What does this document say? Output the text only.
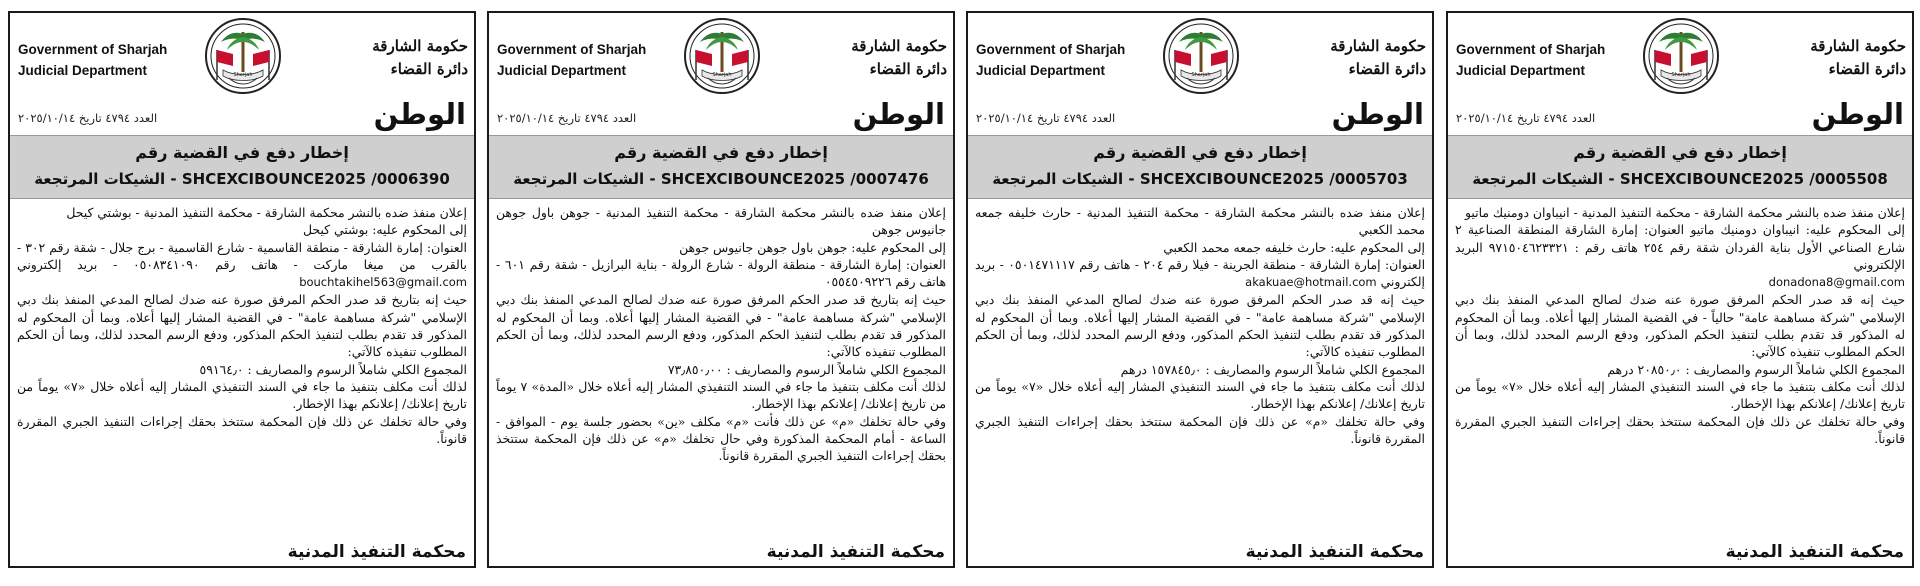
Government of Sharjah
Judicial Department	Sharjah
حكومة الشارقة
دائرة القضاء
الوطن
العدد ٤٧٩٤ تاريخ ٢٠٢٥/١٠/١٤
إخطار دفع في القضية رقم
SHCEXCIBOUNCE2025 /0006390 - الشيكات المرتجعة

إعلان منفذ ضده بالنشر محكمة الشارقة - محكمة التنفيذ المدنية - بوشتي كيحل

إلى المحكوم عليه: بوشتي كيحل

العنوان: إمارة الشارقة - منطقة القاسمية - شارع القاسمية - برج جلال - شقة رقم ٣٠٢ - بالقرب من ميغا ماركت - هاتف رقم ٠٥٠٨٣٤١٠٩٠ - بريد إلكتروني bouchtakihel563@gmail.com

حيث إنه بتاريخ قد صدر الحكم المرفق صورة عنه ضدك لصالح المدعي المنفذ بنك دبي الإسلامي "شركة مساهمة عامة" - في القضية المشار إليها أعلاه. وبما أن المحكوم له المذكور قد تقدم بطلب لتنفيذ الحكم المذكور، ودفع الرسم المحدد لذلك، وبما أن الحكم المطلوب تنفيذه كالآتي:

المجموع الكلي شاملاً الرسوم والمصاريف : ٥٩١٦٤٫٠

لذلك أنت مكلف بتنفيذ ما جاء في السند التنفيذي المشار إليه أعلاه خلال «٧» يوماً من تاريخ إعلانك/ إعلانكم بهذا الإخطار.

وفي حالة تخلفك عن ذلك فإن المحكمة ستتخذ بحقك إجراءات التنفيذ الجبري المقررة قانوناً.

محكمة التنفيذ المدنية
Government of Sharjah
Judicial Department	Sharjah
حكومة الشارقة
دائرة القضاء
الوطن
العدد ٤٧٩٤ تاريخ ٢٠٢٥/١٠/١٤
إخطار دفع في القضية رقم
SHCEXCIBOUNCE2025 /0007476 - الشيكات المرتجعة

إعلان منفذ ضده بالنشر محكمة الشارقة - محكمة التنفيذ المدنية - جوهن باول جوهن جانيوس جوهن

إلى المحكوم عليه: جوهن باول جوهن جانيوس جوهن

العنوان: إمارة الشارقة - منطقة الرولة - شارع الرولة - بناية البرازيل - شقة رقم ٦٠١ - هاتف رقم ٠٥٥٤٥٠٩٢٢٦

حيث إنه بتاريخ قد صدر الحكم المرفق صورة عنه ضدك لصالح المدعي المنفذ بنك دبي الإسلامي "شركة مساهمة عامة" - في القضية المشار إليها أعلاه. وبما أن المحكوم له المذكور قد تقدم بطلب لتنفيذ الحكم المذكور، ودفع الرسم المحدد لذلك، وبما أن الحكم المطلوب تنفيذه كالآتي:

المجموع الكلي شاملاً الرسوم والمصاريف : ٧٣٫٨٥٠٫٠٠

لذلك أنت مكلف بتنفيذ ما جاء في السند التنفيذي المشار إليه أعلاه خلال «المدة» ٧ يوماً من تاريخ إعلانك/ إعلانكم بهذا الإخطار.

وفي حالة تخلفك «م» عن ذلك فأنت «م» مكلف «ين» بحضور جلسة يوم - الموافق - الساعة - أمام المحكمة المذكورة وفي حال تخلفك «م» عن ذلك فإن المحكمة ستتخذ بحقك إجراءات التنفيذ الجبري المقررة قانوناً.

محكمة التنفيذ المدنية
Government of Sharjah
Judicial Department	Sharjah
حكومة الشارقة
دائرة القضاء
الوطن
العدد ٤٧٩٤ تاريخ ٢٠٢٥/١٠/١٤
إخطار دفع في القضية رقم
SHCEXCIBOUNCE2025 /0005703 - الشيكات المرتجعة

إعلان منفذ ضده بالنشر محكمة الشارقة - محكمة التنفيذ المدنية - حارث خليفه جمعه محمد الكعبي

إلى المحكوم عليه: حارث خليفه جمعه محمد الكعبي

العنوان: إمارة الشارقة - منطقة الجرينة - فيلا رقم ٢٠٤ - هاتف رقم ٠٥٠١٤٧١١١٧ - بريد إلكتروني akakuae@hotmail.com

حيث إنه قد صدر الحكم المرفق صورة عنه ضدك لصالح المدعي المنفذ بنك دبي الإسلامي "شركة مساهمة عامة" - في القضية المشار إليها أعلاه. وبما أن المحكوم له المذكور قد تقدم بطلب لتنفيذ الحكم المذكور، ودفع الرسم المحدد لذلك، وبما أن الحكم المطلوب تنفيذه كالآتي:

المجموع الكلي شاملاً الرسوم والمصاريف : ١٥٧٨٤٥٫٠ درهم

لذلك أنت مكلف بتنفيذ ما جاء في السند التنفيذي المشار إليه أعلاه خلال «٧» يوماً من تاريخ إعلانك/ إعلانكم بهذا الإخطار.

وفي حالة تخلفك «م» عن ذلك فإن المحكمة ستتخذ بحقك إجراءات التنفيذ الجبري المقررة قانوناً.

محكمة التنفيذ المدنية
Government of Sharjah
Judicial Department	Sharjah
حكومة الشارقة
دائرة القضاء
الوطن
العدد ٤٧٩٤ تاريخ ٢٠٢٥/١٠/١٤
إخطار دفع في القضية رقم
SHCEXCIBOUNCE2025 /0005508 - الشيكات المرتجعة

إعلان منفذ ضده بالنشر محكمة الشارقة - محكمة التنفيذ المدنية - انيباوان دومنيك ماتيو

إلى المحكوم عليه: انيباوان دومنيك ماتيو العنوان: إمارة الشارقة المنطقة الصناعية ٢ شارع الصناعي الأول بناية الفردان شقة رقم ٢٥٤ هاتف رقم : ٩٧١٥٠٤٦٢٣٣٢١ البريد الإلكتروني

donadona8@gmail.com

حيث إنه قد صدر الحكم المرفق صورة عنه ضدك لصالح المدعي المنفذ بنك دبي الإسلامي "شركة مساهمة عامة" حالياً - في القضية المشار إليها أعلاه. وبما أن المحكوم له المذكور قد تقدم بطلب لتنفيذ الحكم المذكور، ودفع الرسم المحدد لذلك، وبما أن الحكم المطلوب تنفيذه كالآتي:

المجموع الكلي شاملاً الرسوم والمصاريف : ٢٠٨٥٠٫٠ درهم

لذلك أنت مكلف بتنفيذ ما جاء في السند التنفيذي المشار إليه أعلاه خلال «٧» يوماً من تاريخ إعلانك/ إعلانكم بهذا الإخطار.

وفي حالة تخلفك عن ذلك فإن المحكمة ستتخذ بحقك إجراءات التنفيذ الجبري المقررة قانوناً.

محكمة التنفيذ المدنية
